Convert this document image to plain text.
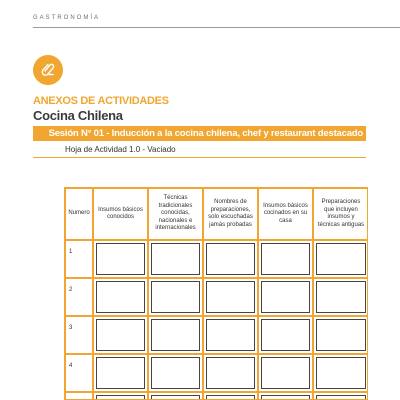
GASTRONOMÍA
ANEXOS DE ACTIVIDADES
Cocina Chilena
Sesión N° 01 - Inducción a la cocina chilena, chef y restaurant destacado
Hoja de Actividad 1.0 - Vaciado
Numero
Insumos básicos conocidos
Técnicas tradicionales conocidas, nacionales e internacionales
Nombres de preparaciones, solo escuchadas jamás probadas
Insumos básicos cocinados en su casa
Preparaciones que incluyen insumos y técnicas antiguas
1
2
3
4
